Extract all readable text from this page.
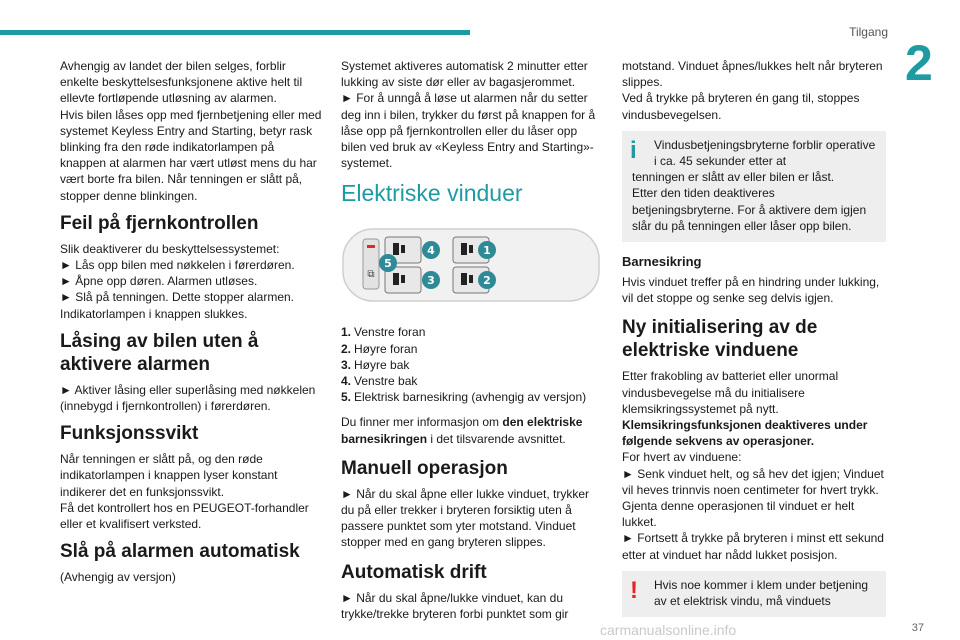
Tilgang
2

Avhengig av landet der bilen selges, forblir enkelte beskyttelsesfunksjonene aktive helt til ellevte fortløpende utløsning av alarmen.
Hvis bilen låses opp med fjernbetjening eller med systemet Keyless Entry and Starting, betyr rask blinking fra den røde indikatorlampen på knappen at alarmen har vært utløst mens du har vært borte fra bilen. Når tenningen er slått på, stopper denne blinkingen.

Feil på fjernkontrollen

Slik deaktiverer du beskyttelsessystemet:
► Lås opp bilen med nøkkelen i førerdøren.
► Åpne opp døren. Alarmen utløses.
► Slå på tenningen. Dette stopper alarmen.
Indikatorlampen i knappen slukkes.

Låsing av bilen uten å aktivere alarmen

► Aktiver låsing eller superlåsing med nøkkelen (innebygd i fjernkontrollen) i førerdøren.

Funksjonssvikt

Når tenningen er slått på, og den røde indikatorlampen i knappen lyser konstant indikerer det en funksjonssvikt.
Få det kontrollert hos en PEUGEOT-forhandler eller et kvalifisert verksted.

Slå på alarmen automatisk

(Avhengig av versjon)

Systemet aktiveres automatisk 2 minutter etter lukking av siste dør eller av bagasjerommet.
► For å unngå å løse ut alarmen når du setter deg inn i bilen, trykker du først på knappen for å låse opp på fjernkontrollen eller du låser opp bilen ved bruk av «Keyless Entry and Starting»-systemet.

Elektriske vinduer
⧉
1
2
3
4
5
1. Venstre foran
2. Høyre foran
3. Høyre bak
4. Venstre bak
5. Elektrisk barnesikring (avhengig av versjon)

Du finner mer informasjon om den elektriske barnesikringen i det tilsvarende avsnittet.

Manuell operasjon

► Når du skal åpne eller lukke vinduet, trykker du på eller trekker i bryteren forsiktig uten å passere punktet som yter motstand. Vinduet stopper med en gang bryteren slippes.

Automatisk drift

► Når du skal åpne/lukke vinduet, kan du trykke/trekke bryteren forbi punktet som gir

motstand. Vinduet åpnes/lukkes helt når bryteren slippes.
Ved å trykke på bryteren én gang til, stoppes vindusbevegelsen.

i	Vindusbetjeningsbryterne forblir operative i ca. 45 sekunder etter at

tenningen er slått av eller bilen er låst.
Etter den tiden deaktiveres betjeningsbryterne. For å aktivere dem igjen slår du på tenningen eller låser opp bilen.

Barnesikring

Hvis vinduet treffer på en hindring under lukking, vil det stoppe og senke seg delvis igjen.

Ny initialisering av de elektriske vinduene

Etter frakobling av batteriet eller unormal vindusbevegelse må du initialisere klemsikringssystemet på nytt.

Klemsikringsfunksjonen deaktiveres under følgende sekvens av operasjoner.

For hvert av vinduene:
► Senk vinduet helt, og så hev det igjen; Vinduet vil heves trinnvis noen centimeter for hvert trykk. Gjenta denne operasjonen til vinduet er helt lukket.
► Fortsett å trykke på bryteren i minst ett sekund etter at vinduet har nådd lukket posisjon.

!	Hvis noe kommer i klem under betjening

av et elektrisk vindu, må vinduets

carmanualsonline.info	37
